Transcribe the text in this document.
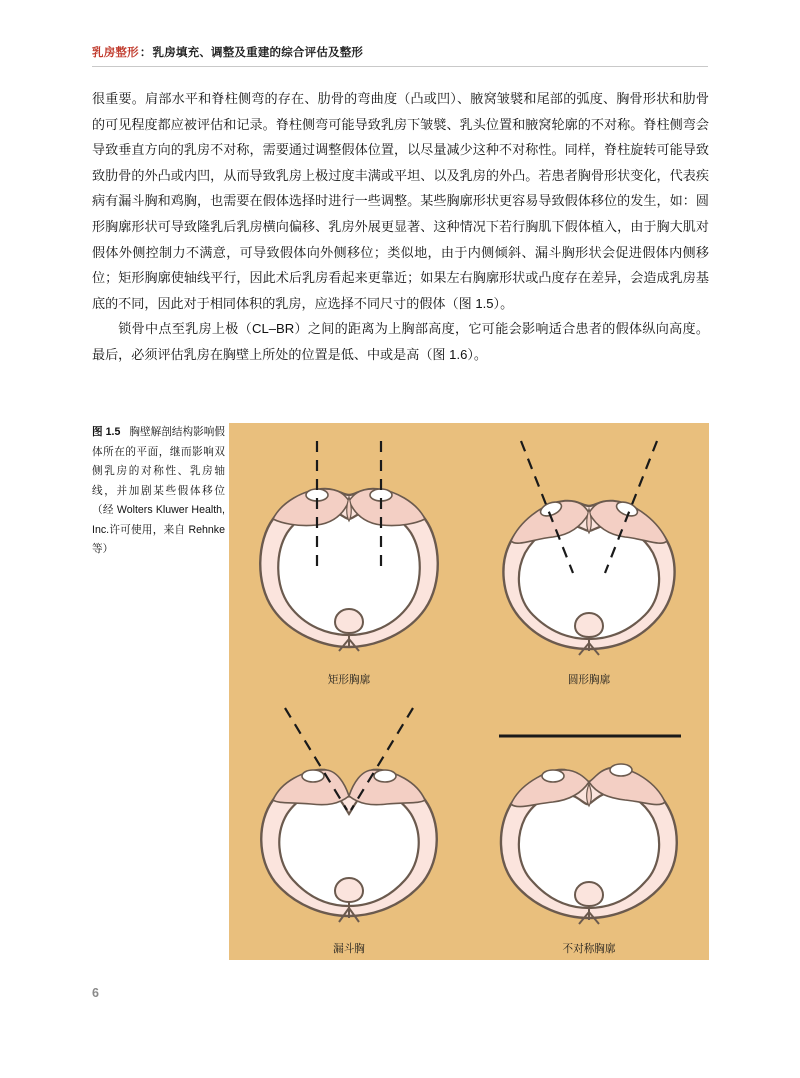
乳房整形：乳房填充、调整及重建的综合评估及整形

很重要。肩部水平和脊柱侧弯的存在、肋骨的弯曲度（凸或凹）、腋窝皱襞和尾部的弧度、胸骨形状和肋骨的可见程度都应被评估和记录。脊柱侧弯可能导致乳房下皱襞、乳头位置和腋窝轮廓的不对称。脊柱侧弯会导致垂直方向的乳房不对称，需要通过调整假体位置，以尽量减少这种不对称性。同样，脊柱旋转可能导致致肋骨的外凸或内凹，从而导致乳房上极过度丰满或平坦、以及乳房的外凸。若患者胸骨形状变化，代表疾病有漏斗胸和鸡胸，也需要在假体选择时进行一些调整。某些胸廓形状更容易导致假体移位的发生，如：圆形胸廓形状可导致隆乳后乳房横向偏移、乳房外展更显著、这种情况下若行胸肌下假体植入，由于胸大肌对假体外侧控制力不满意，可导致假体向外侧移位；类似地，由于内侧倾斜、漏斗胸形状会促进假体内侧移位；矩形胸廓使轴线平行，因此术后乳房看起来更靠近；如果左右胸廓形状或凸度存在差异，会造成乳房基底的不同，因此对于相同体积的乳房，应选择不同尺寸的假体（图 1.5）。

锁骨中点至乳房上极（CL–BR）之间的距离为上胸部高度，它可能会影响适合患者的假体纵向高度。最后，必须评估乳房在胸壁上所处的位置是低、中或是高（图 1.6）。

图 1.5 胸壁解剖结构影响假体所在的平面，继而影响双侧乳房的对称性、乳房轴线，并加剧某些假体移位（经 Wolters Kluwer Health, Inc.许可使用，来自 Rehnke 等）
矩形胸廓	圆形胸廓
漏斗胸	不对称胸廓
6
